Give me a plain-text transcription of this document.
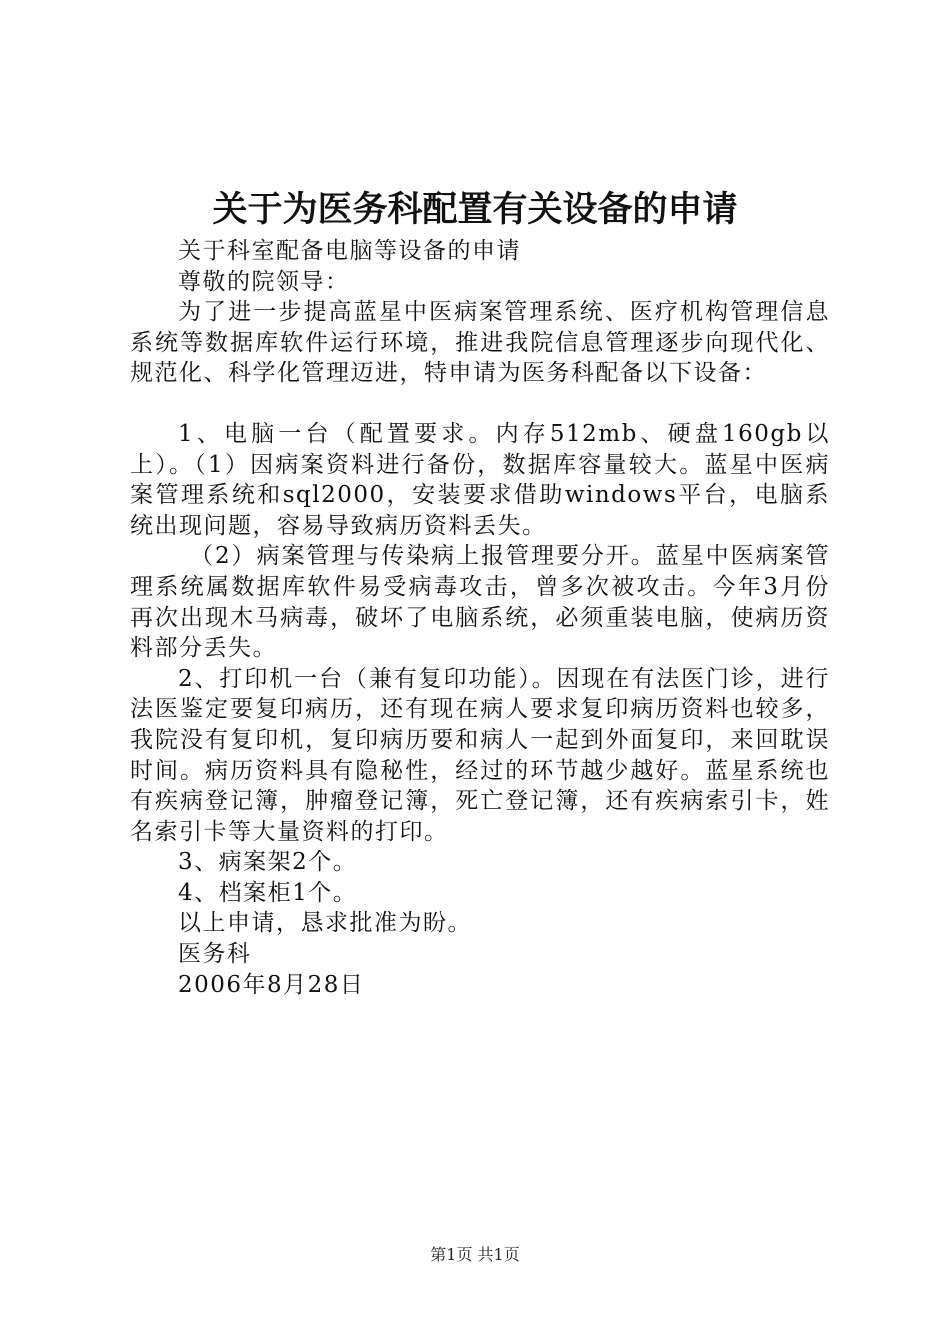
关于为医务科配置有关设备的申请

关于科室配备电脑等设备的申请

尊敬的院领导：

为了进一步提高蓝星中医病案管理系统、医疗机构管理信息系统等数据库软件运行环境，推进我院信息管理逐步向现代化、规范化、科学化管理迈进，特申请为医务科配备以下设备：

1、电脑一台（配置要求。内存512mb、硬盘160gb以上）。（1）因病案资料进行备份，数据库容量较大。蓝星中医病案管理系统和sql2000，安装要求借助windows平台，电脑系统出现问题，容易导致病历资料丢失。

（2）病案管理与传染病上报管理要分开。蓝星中医病案管理系统属数据库软件易受病毒攻击，曾多次被攻击。今年3月份再次出现木马病毒，破坏了电脑系统，必须重装电脑，使病历资料部分丢失。

2、打印机一台（兼有复印功能）。因现在有法医门诊，进行法医鉴定要复印病历，还有现在病人要求复印病历资料也较多，我院没有复印机，复印病历要和病人一起到外面复印，来回耽误时间。病历资料具有隐秘性，经过的环节越少越好。蓝星系统也有疾病登记簿，肿瘤登记簿，死亡登记簿，还有疾病索引卡，姓名索引卡等大量资料的打印。

3、病案架2个。

4、档案柜1个。

以上申请，恳求批准为盼。

医务科

2006年8月28日

第1页 共1页
